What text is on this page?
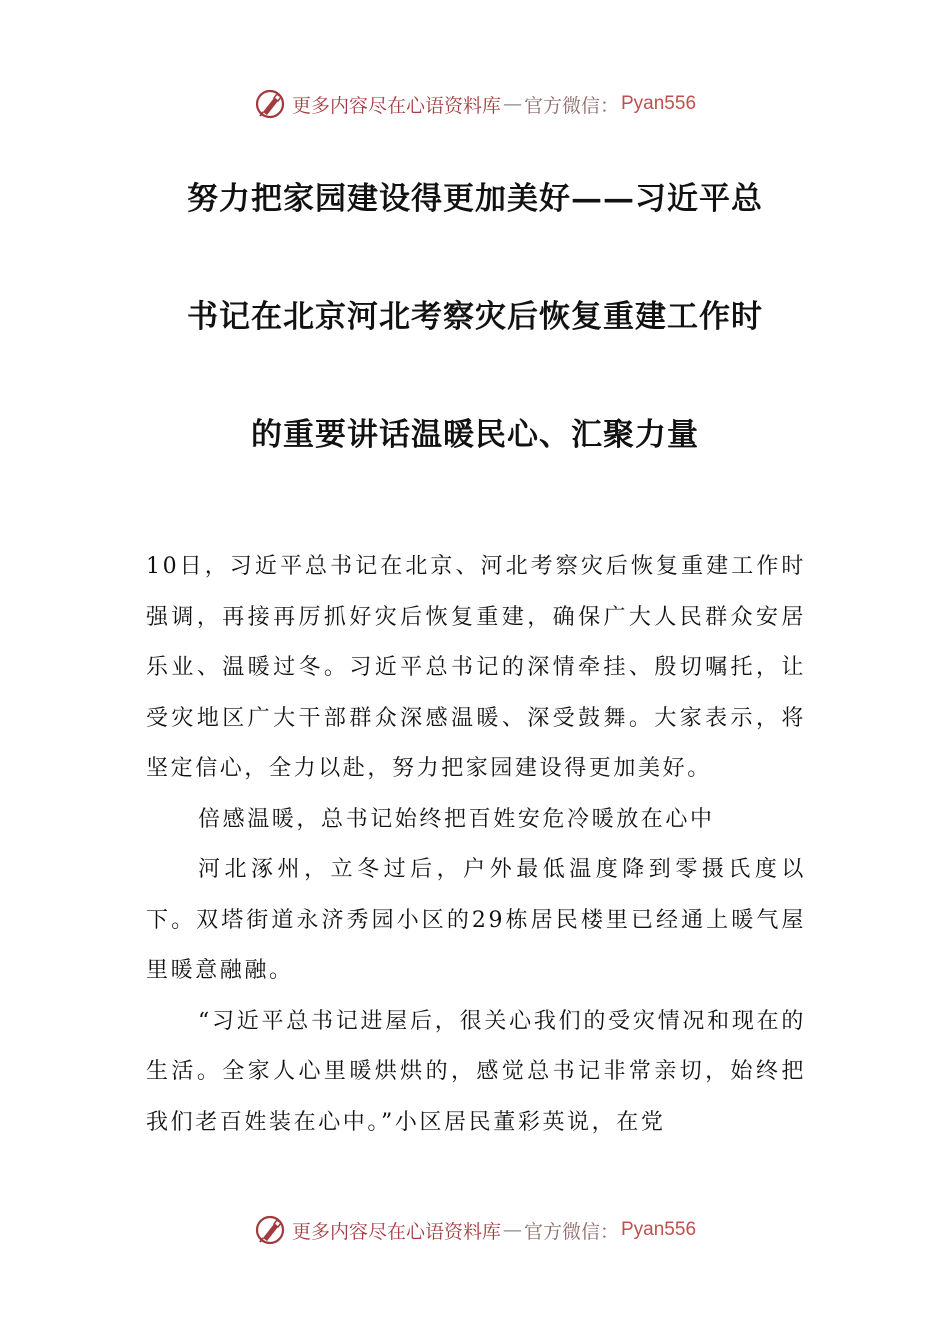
更多内容尽在心语资料库 — 官方微信： Pyan556
努力把家园建设得更加美好——习近平总
书记在北京河北考察灾后恢复重建工作时
的重要讲话温暖民心、汇聚力量

10日，习近平总书记在北京、河北考察灾后恢复重建工作时强调，再接再厉抓好灾后恢复重建，确保广大人民群众安居乐业、温暖过冬。习近平总书记的深情牵挂、殷切嘱托，让受灾地区广大干部群众深感温暖、深受鼓舞。大家表示，将坚定信心，全力以赴，努力把家园建设得更加美好。

倍感温暖，总书记始终把百姓安危冷暖放在心中

河北涿州，立冬过后，户外最低温度降到零摄氏度以下。双塔街道永济秀园小区的29栋居民楼里已经通上暖气屋里暖意融融。

“习近平总书记进屋后，很关心我们的受灾情况和现在的生活。全家人心里暖烘烘的，感觉总书记非常亲切，始终把我们老百姓装在心中。”小区居民董彩英说，在党

更多内容尽在心语资料库 — 官方微信： Pyan556
